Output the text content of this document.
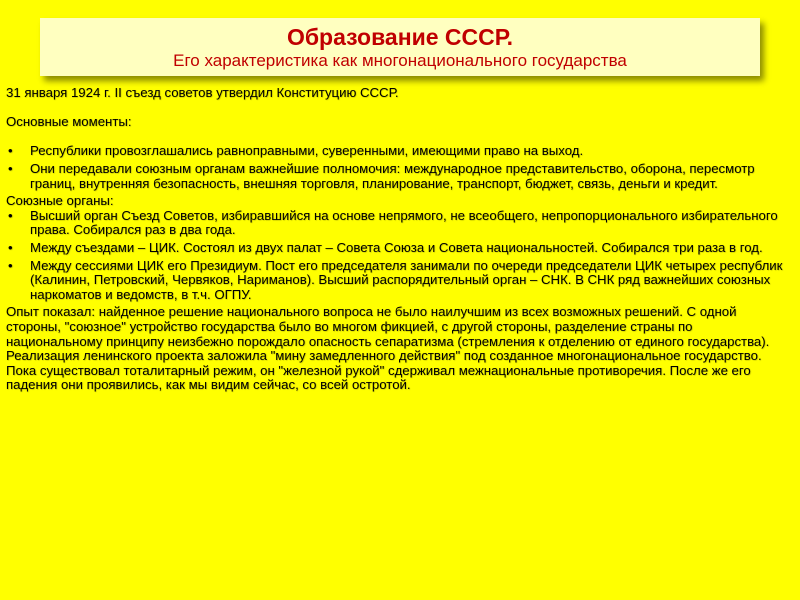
Образование СССР.
Его характеристика как многонационального государства

31 января 1924 г. II съезд советов утвердил Конституцию СССР.

Основные моменты:

• Республики провозглашались равноправными, суверенными, имеющими право на выход.
• Они передавали союзным органам важнейшие полномочия: международное представительство, оборона, пересмотр границ, внутренняя безопасность, внешняя торговля, планирование, транспорт, бюджет, связь, деньги и кредит.

Союзные органы:

• Высший орган Съезд Советов, избиравшийся на основе непрямого, не всеобщего, непропорционального избирательного права. Собирался раз в два года.
• Между съездами – ЦИК. Состоял из двух палат – Совета Союза и Совета национальностей. Собирался три раза в год.
• Между сессиями ЦИК его Президиум. Пост его председателя занимали по очереди председатели ЦИК четырех республик (Калинин, Петровский, Червяков, Нариманов). Высший распорядительный орган – СНК. В СНК ряд важнейших союзных наркоматов и ведомств, в т.ч. ОГПУ.

Опыт показал: найденное решение национального вопроса не было наилучшим из всех возможных решений. С одной стороны, "союзное" устройство государства было во многом фикцией, с другой стороны, разделение страны по национальному принципу неизбежно порождало опасность сепаратизма (стремления к отделению от единого государства). Реализация ленинского проекта заложила "мину замедленного действия" под созданное многонациональное государство. Пока существовал тоталитарный режим, он "железной рукой" сдерживал межнациональные противоречия. После же его падения они проявились, как мы видим сейчас, со всей остротой.
